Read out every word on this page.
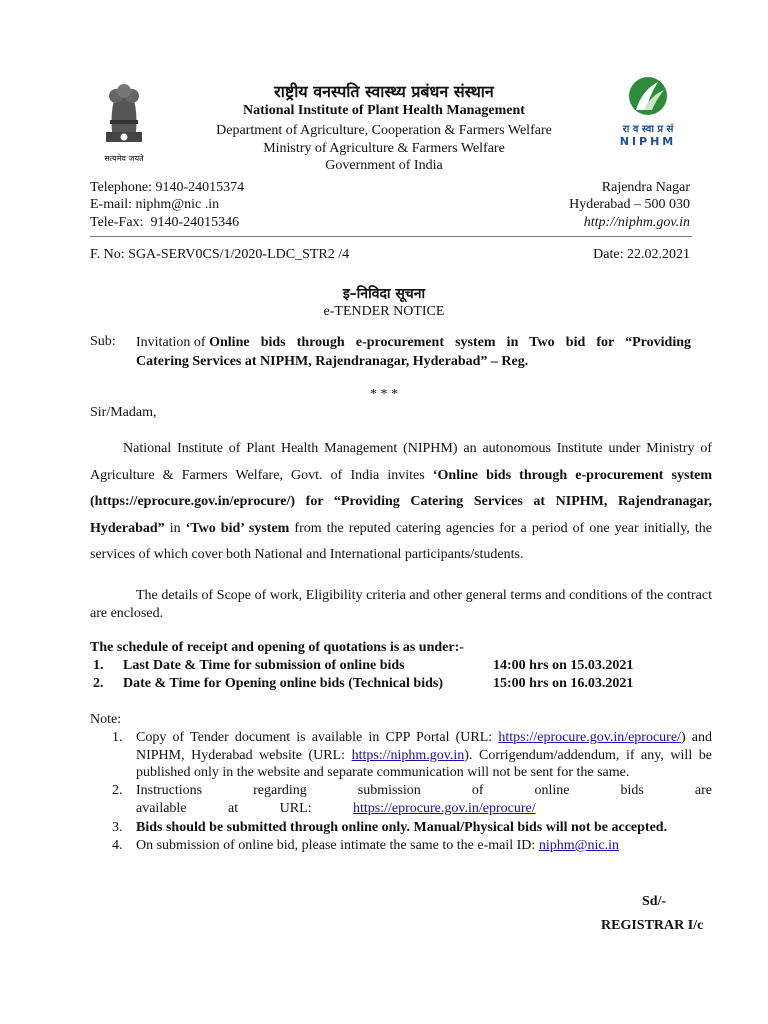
सत्यमेव जयते
रा व स्वा प्र सं
NIPHM
राष्ट्रीय वनस्पति स्वास्थ्य प्रबंधन संस्थान
National Institute of Plant Health Management
Department of Agriculture, Cooperation & Farmers Welfare
Ministry of Agriculture & Farmers Welfare
Government of India
Telephone: 9140-24015374
E-mail: niphm@nic .in
Tele-Fax:  9140-24015346
Rajendra Nagar
Hyderabad – 500 030
http://niphm.gov.in
F. No: SGA-SERV0CS/1/2020-LDC_STR2 /4	Date: 22.02.2021
इ–निविदा सूचना
e-TENDER NOTICE
Sub: Invitation of Online bids through e-procurement system in Two bid for “Providing
Catering Services at NIPHM, Rajendranagar, Hyderabad” – Reg.
* * *
Sir/Madam,
National Institute of Plant Health Management (NIPHM) an autonomous Institute under Ministry of Agriculture & Farmers Welfare, Govt. of India invites ‘Online bids through e-procurement system (https://eprocure.gov.in/eprocure/) for “Providing Catering Services at NIPHM, Rajendranagar, Hyderabad” in ‘Two bid’ system from the reputed catering agencies for a period of one year initially, the services of which cover both National and International participants/students.
The details of Scope of work, Eligibility criteria and other general terms and conditions of the contract are enclosed.
The schedule of receipt and opening of quotations is as under:-
1. Last Date & Time for submission of online bids	14:00 hrs on 15.03.2021
2. Date & Time for Opening online bids (Technical bids)	15:00 hrs on 16.03.2021
Note:
1. Copy of Tender document is available in CPP Portal (URL: https://eprocure.gov.in/eprocure/) and NIPHM, Hyderabad website (URL: https://niphm.gov.in). Corrigendum/addendum, if any, will be published only in the website and separate communication will not be sent for the same.
2. Instructions regarding submission of online bids are available at URL: https://eprocure.gov.in/eprocure/
3. Bids should be submitted through online only. Manual/Physical bids will not be accepted.
4. On submission of online bid, please intimate the same to the e-mail ID: niphm@nic.in
Sd/-
REGISTRAR I/c
